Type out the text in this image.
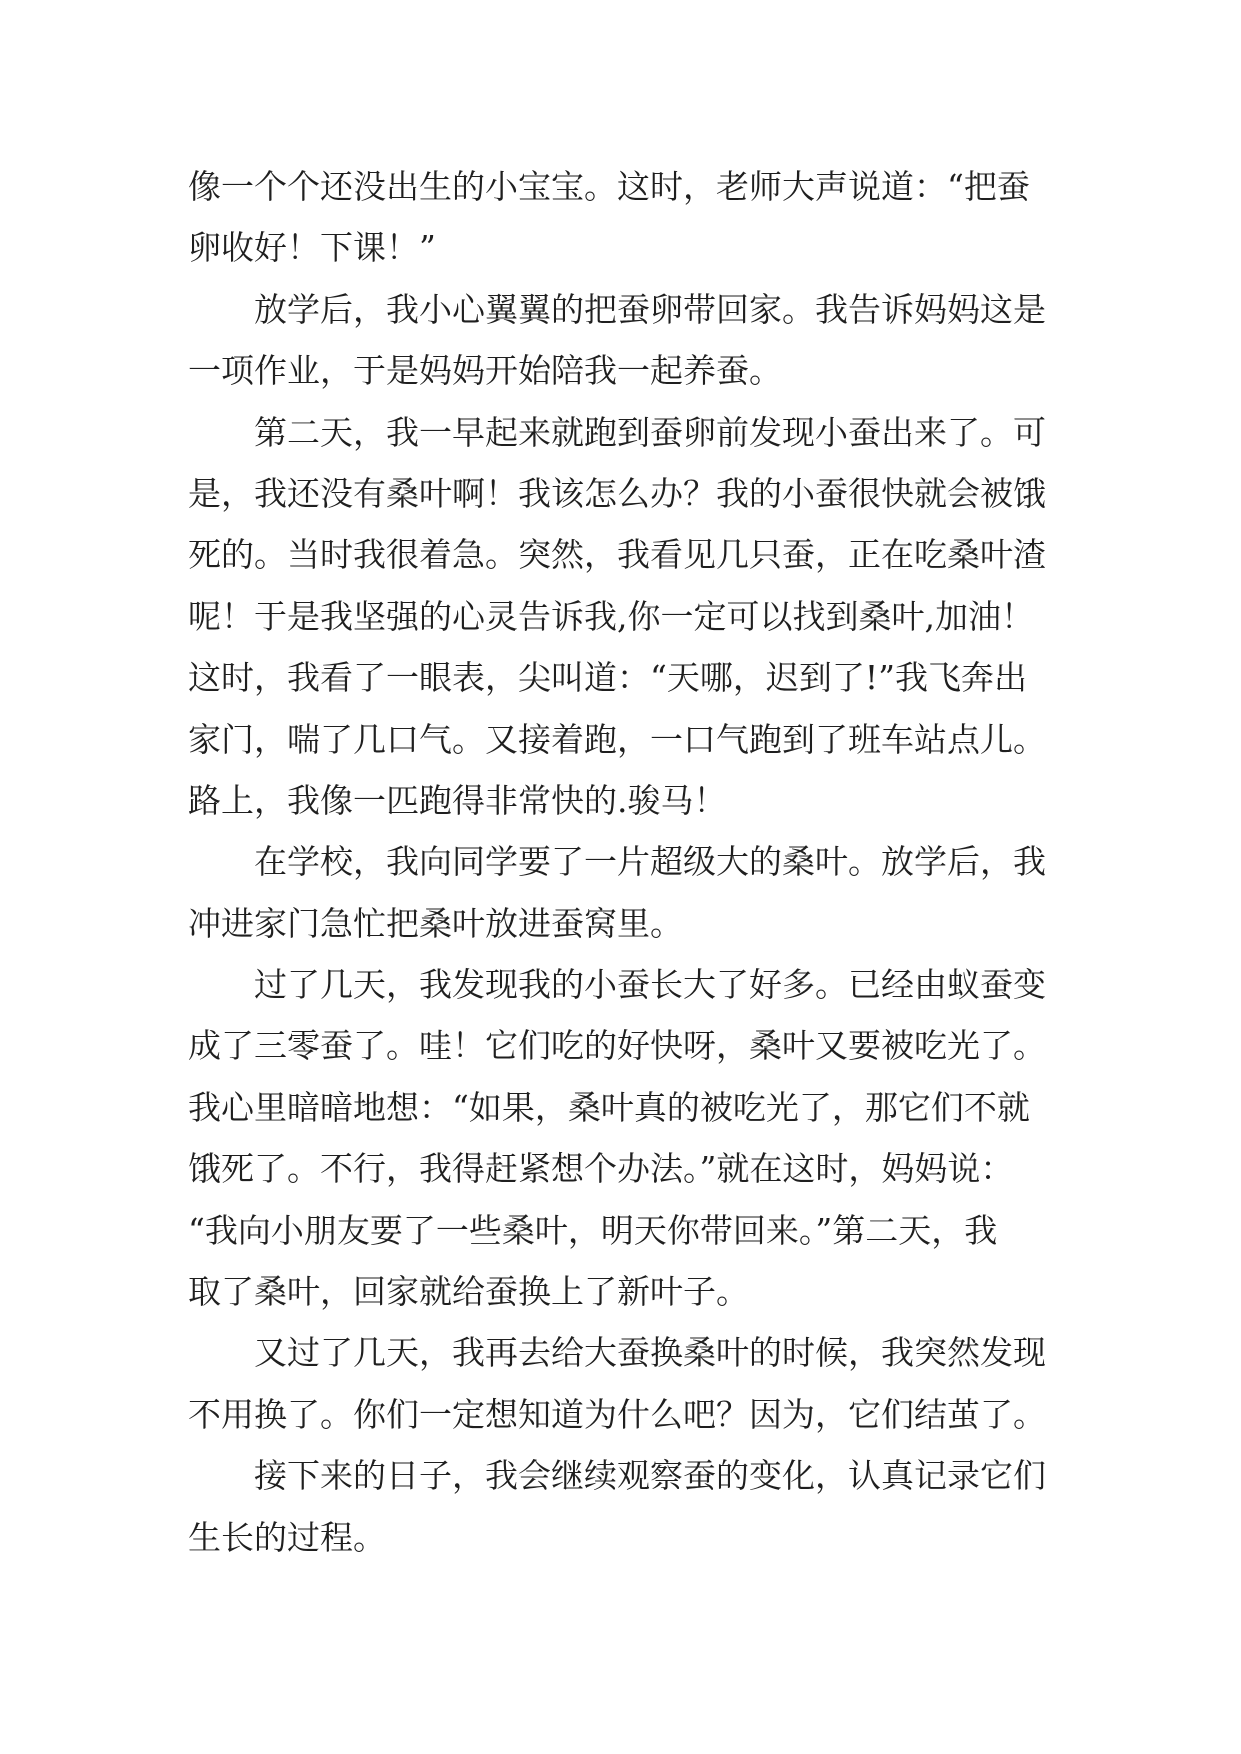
像一个个还没出生的小宝宝。这时，老师大声说道：“把蚕
卵收好！下课！”
　　放学后，我小心翼翼的把蚕卵带回家。我告诉妈妈这是
一项作业，于是妈妈开始陪我一起养蚕。
　　第二天，我一早起来就跑到蚕卵前发现小蚕出来了。可
是，我还没有桑叶啊！我该怎么办？我的小蚕很快就会被饿
死的。当时我很着急。突然，我看见几只蚕，正在吃桑叶渣
呢！于是我坚强的心灵告诉我,你一定可以找到桑叶,加油！
这时，我看了一眼表，尖叫道：“天哪，迟到了!”我飞奔出
家门，喘了几口气。又接着跑，一口气跑到了班车站点儿。
路上，我像一匹跑得非常快的.骏马！
　　在学校，我向同学要了一片超级大的桑叶。放学后，我
冲进家门急忙把桑叶放进蚕窝里。
　　过了几天，我发现我的小蚕长大了好多。已经由蚁蚕变
成了三零蚕了。哇！它们吃的好快呀，桑叶又要被吃光了。
我心里暗暗地想：“如果，桑叶真的被吃光了，那它们不就
饿死了。不行，我得赶紧想个办法。”就在这时，妈妈说：
“我向小朋友要了一些桑叶，明天你带回来。”第二天，我
取了桑叶，回家就给蚕换上了新叶子。
　　又过了几天，我再去给大蚕换桑叶的时候，我突然发现
不用换了。你们一定想知道为什么吧？因为，它们结茧了。
　　接下来的日子，我会继续观察蚕的变化，认真记录它们
生长的过程。
